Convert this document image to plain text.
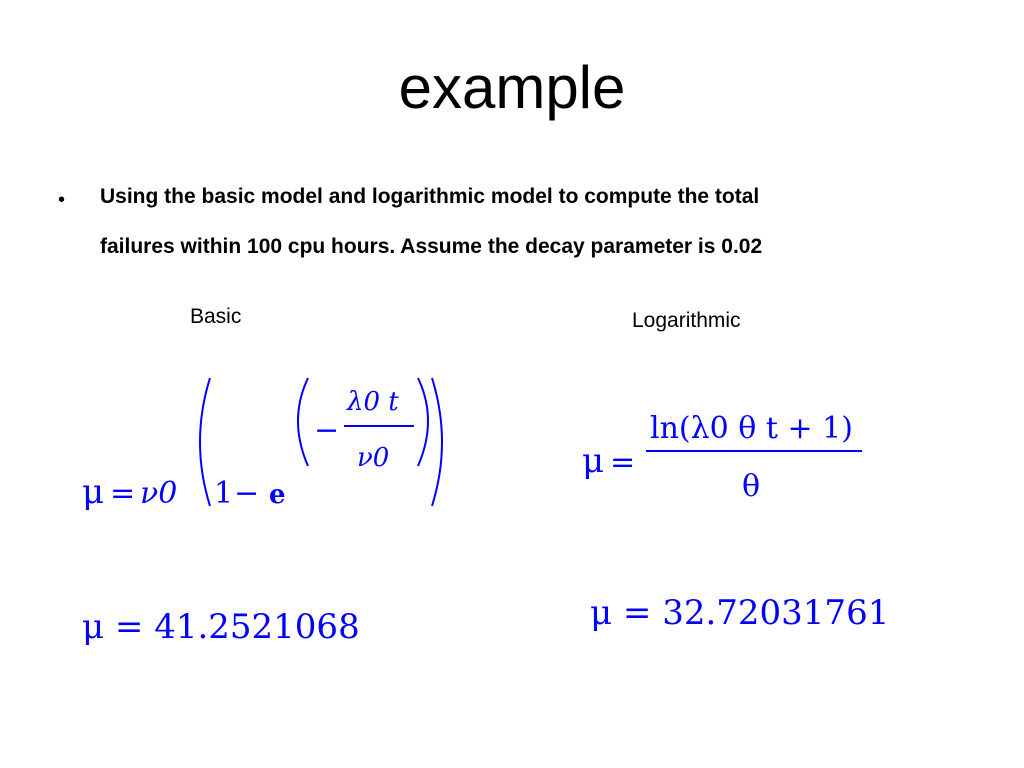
example
• Using the basic model and logarithmic model to compute the total
failures within 100 cpu hours. Assume the decay parameter is 0.02
Basic	Logarithmic
μ = ν0 1 − e
−
λ0 t
ν0	μ =
ln(λ0 θ t + 1)
θ
μ = 41.2521068	μ = 32.72031761
